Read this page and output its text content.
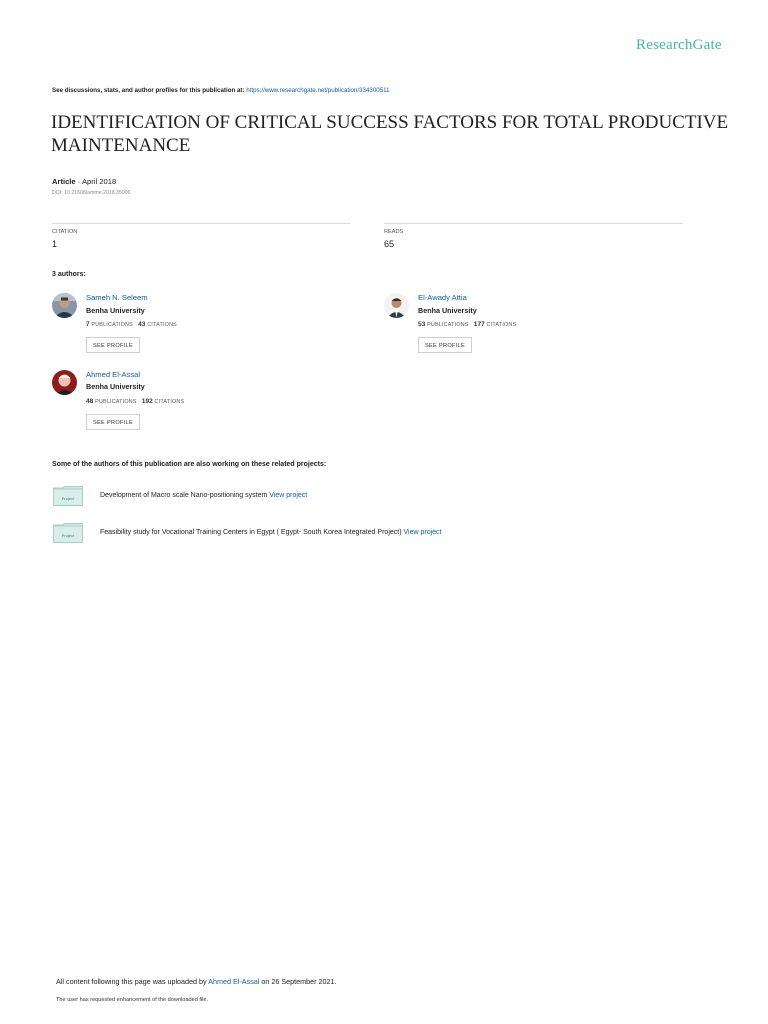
ResearchGate
See discussions, stats, and author profiles for this publication at: https://www.researchgate.net/publication/334300511
IDENTIFICATION OF CRITICAL SUCCESS FACTORS FOR TOTAL PRODUCTIVE MAINTENANCE
Article · April 2018
DOI: 10.21608/amme.2018.35006
CITATION
1
READS
65
3 authors:
Sameh N. Seleem
Benha University
7 PUBLICATIONS 43 CITATIONS
SEE PROFILE
El-Awady Attia
Benha University
53 PUBLICATIONS 177 CITATIONS
SEE PROFILE
Ahmed El-Assal
Benha University
48 PUBLICATIONS 192 CITATIONS
SEE PROFILE
Some of the authors of this publication are also working on these related projects:
Project	Development of Macro scale Nano-positioning system View project
Project	Feasibility study for Vocational Training Centers in Egypt ( Egypt- South Korea Integrated Project) View project
All content following this page was uploaded by Ahmed El-Assal on 26 September 2021.
The user has requested enhancement of the downloaded file.
